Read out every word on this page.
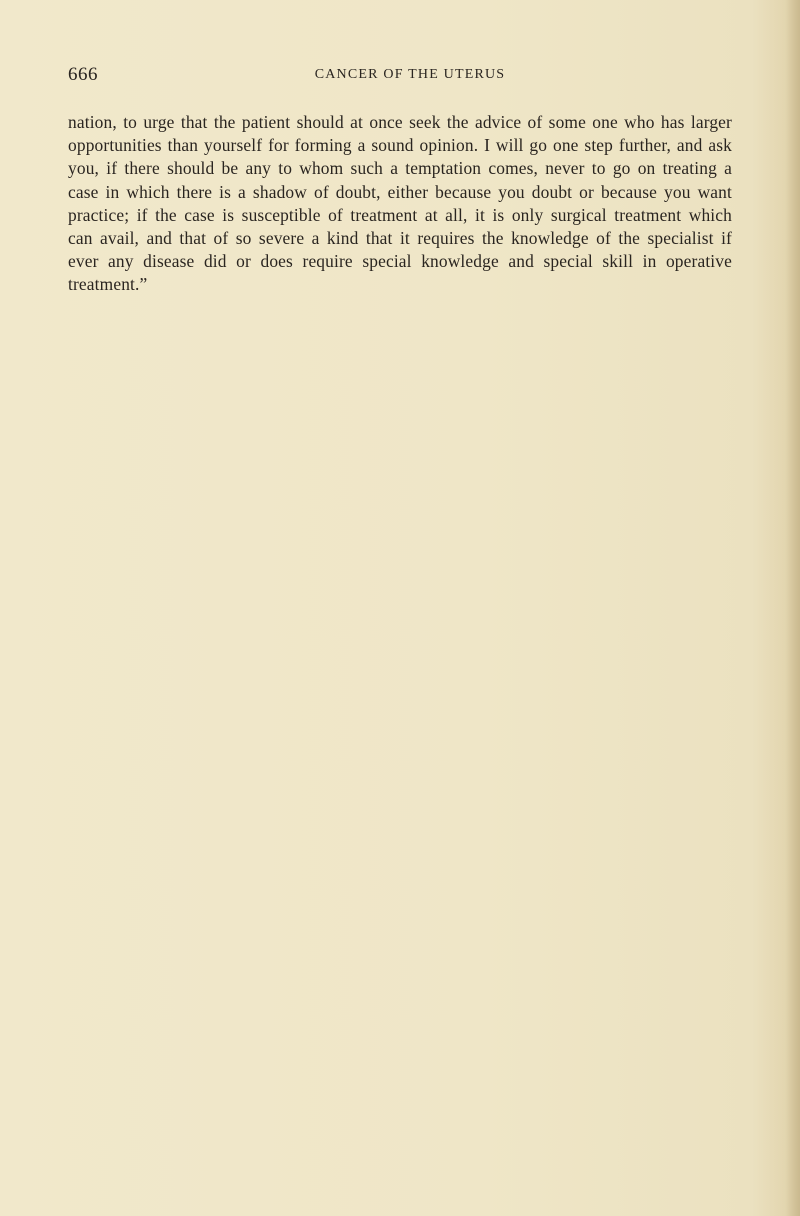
666	CANCER OF THE UTERUS

nation, to urge that the patient should at once seek the advice of some one who has larger opportunities than yourself for forming a sound opinion. I will go one step further, and ask you, if there should be any to whom such a temptation comes, never to go on treating a case in which there is a shadow of doubt, either because you doubt or because you want practice; if the case is susceptible of treatment at all, it is only surgical treatment which can avail, and that of so severe a kind that it requires the knowledge of the specialist if ever any disease did or does require special knowledge and special skill in operative treatment.”
